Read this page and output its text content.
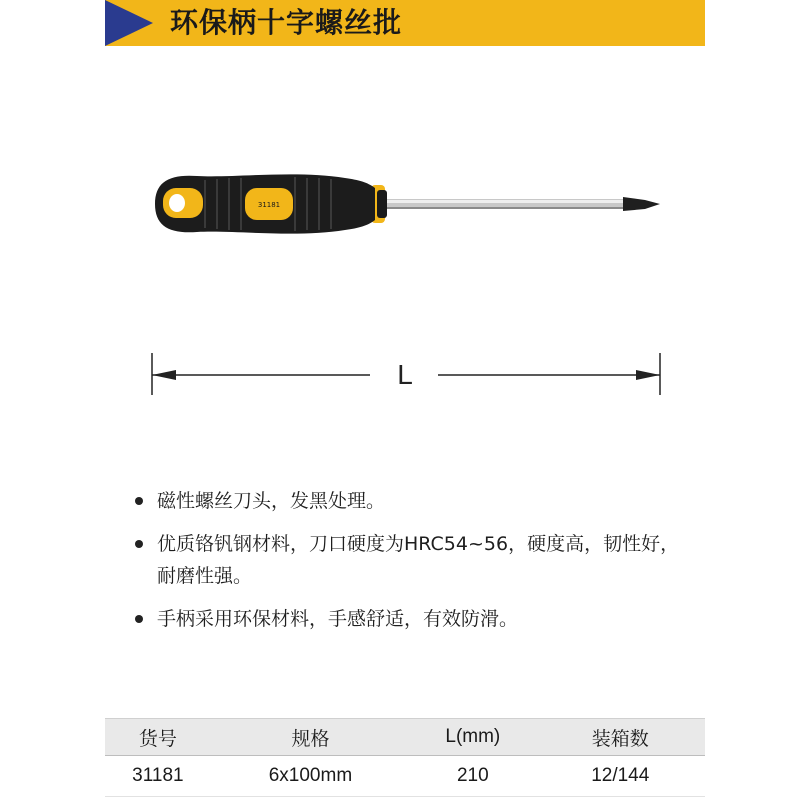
环保柄十字螺丝批
31181
L
磁性螺丝刀头，发黑处理。
优质铬钒钢材料，刀口硬度为HRC54~56，硬度高，韧性好，耐磨性强。
手柄采用环保材料，手感舒适，有效防滑。
货号	规格	L(mm)	装箱数
31181	6x100mm	210	12/144
